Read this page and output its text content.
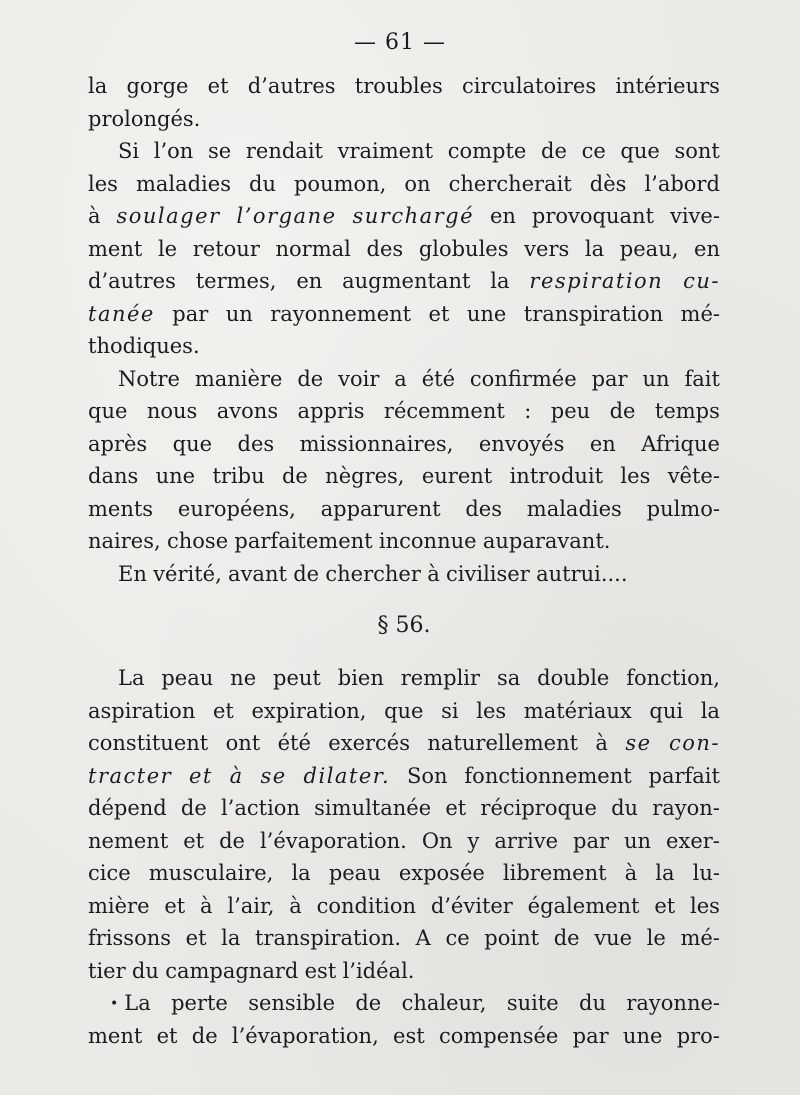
— 61 —
la gorge et d’autres troubles circulatoires intérieurs
prolongés.
Si l’on se rendait vraiment compte de ce que sont
les maladies du poumon, on chercherait dès l’abord
à soulager l’organe surchargé en provoquant vive-
ment le retour normal des globules vers la peau, en
d’autres termes, en augmentant la respiration cu-
tanée par un rayonnement et une transpiration mé-
thodiques.
Notre manière de voir a été confirmée par un fait
que nous avons appris récemment : peu de temps
après que des missionnaires, envoyés en Afrique
dans une tribu de nègres, eurent introduit les vête-
ments européens, apparurent des maladies pulmo-
naires, chose parfaitement inconnue auparavant.
En vérité, avant de chercher à civiliser autrui....
§ 56.
La peau ne peut bien remplir sa double fonction,
aspiration et expiration, que si les matériaux qui la
constituent ont été exercés naturellement à se con-
tracter et à se dilater. Son fonctionnement parfait
dépend de l’action simultanée et réciproque du rayon-
nement et de l’évaporation. On y arrive par un exer-
cice musculaire, la peau exposée librement à la lu-
mière et à l’air, à condition d’éviter également et les
frissons et la transpiration. A ce point de vue le mé-
tier du campagnard est l’idéal.
• La perte sensible de chaleur, suite du rayonne-
ment et de l’évaporation, est compensée par une pro-
